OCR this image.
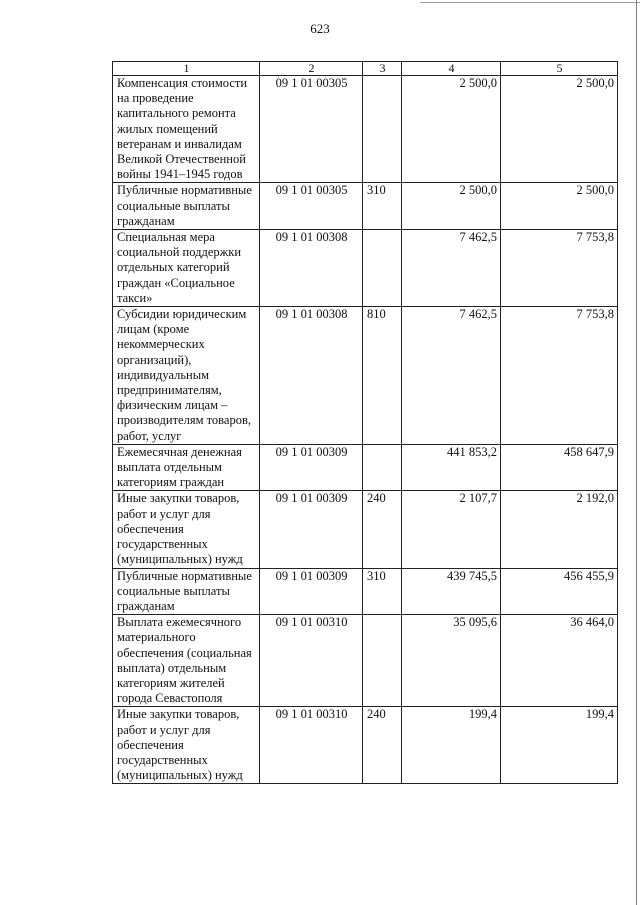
623
1	2	3	4	5
Компенсация стоимости на проведение капитального ремонта жилых помещений ветеранам и инвалидам Великой Отечественной войны 1941–1945 годов	09 1 01 00305		2 500,0	2 500,0
Публичные нормативные социальные выплаты гражданам	09 1 01 00305	310	2 500,0	2 500,0
Специальная мера социальной поддержки отдельных категорий граждан «Социальное такси»	09 1 01 00308		7 462,5	7 753,8
Субсидии юридическим лицам (кроме некоммерческих организаций), индивидуальным предпринимателям, физическим лицам – производителям товаров, работ, услуг	09 1 01 00308	810	7 462,5	7 753,8
Ежемесячная денежная выплата отдельным категориям граждан	09 1 01 00309		441 853,2	458 647,9
Иные закупки товаров, работ и услуг для обеспечения государственных (муниципальных) нужд	09 1 01 00309	240	2 107,7	2 192,0
Публичные нормативные социальные выплаты гражданам	09 1 01 00309	310	439 745,5	456 455,9
Выплата ежемесячного материального обеспечения (социальная выплата) отдельным категориям жителей города Севастополя	09 1 01 00310		35 095,6	36 464,0
Иные закупки товаров, работ и услуг для обеспечения государственных (муниципальных) нужд	09 1 01 00310	240	199,4	199,4
